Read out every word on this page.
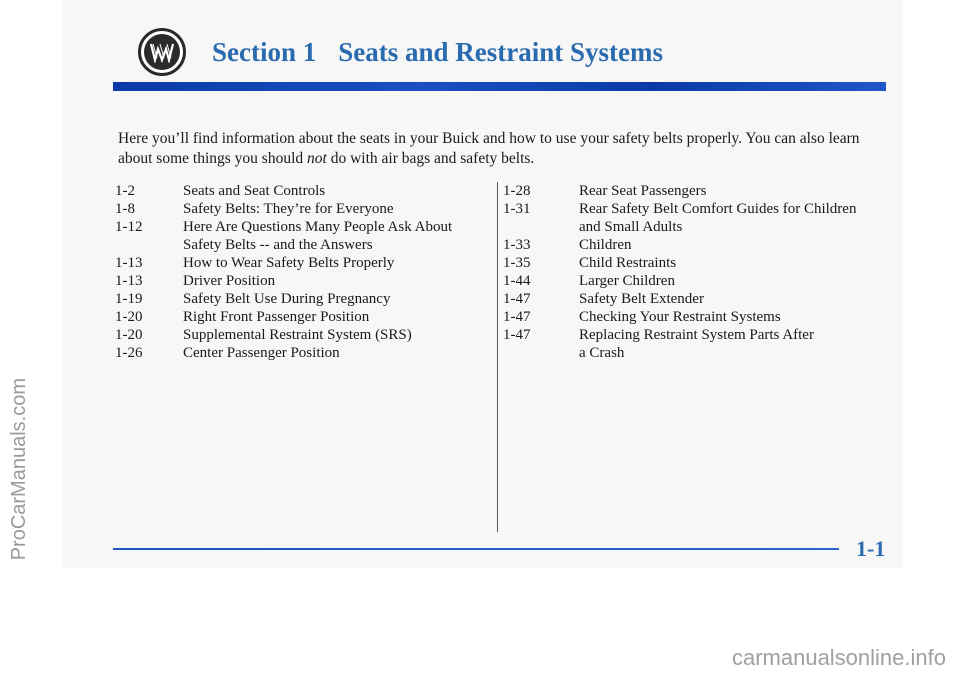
Section 1 Seats and Restraint Systems
Here you’ll find information about the seats in your Buick and how to use your safety belts properly. You can also learn about some things you should not do with air bags and safety belts.
1-2	Seats and Seat Controls
1-8	Safety Belts: They’re for Everyone
1-12	Here Are Questions Many People Ask About
Safety Belts -- and the Answers
1-13	How to Wear Safety Belts Properly
1-13	Driver Position
1-19	Safety Belt Use During Pregnancy
1-20	Right Front Passenger Position
1-20	Supplemental Restraint System (SRS)
1-26	Center Passenger Position
1-28	Rear Seat Passengers
1-31	Rear Safety Belt Comfort Guides for Children
and Small Adults
1-33	Children
1-35	Child Restraints
1-44	Larger Children
1-47	Safety Belt Extender
1-47	Checking Your Restraint Systems
1-47	Replacing Restraint System Parts After
a Crash
1-1
ProCarManuals.com
carmanualsonline.info
